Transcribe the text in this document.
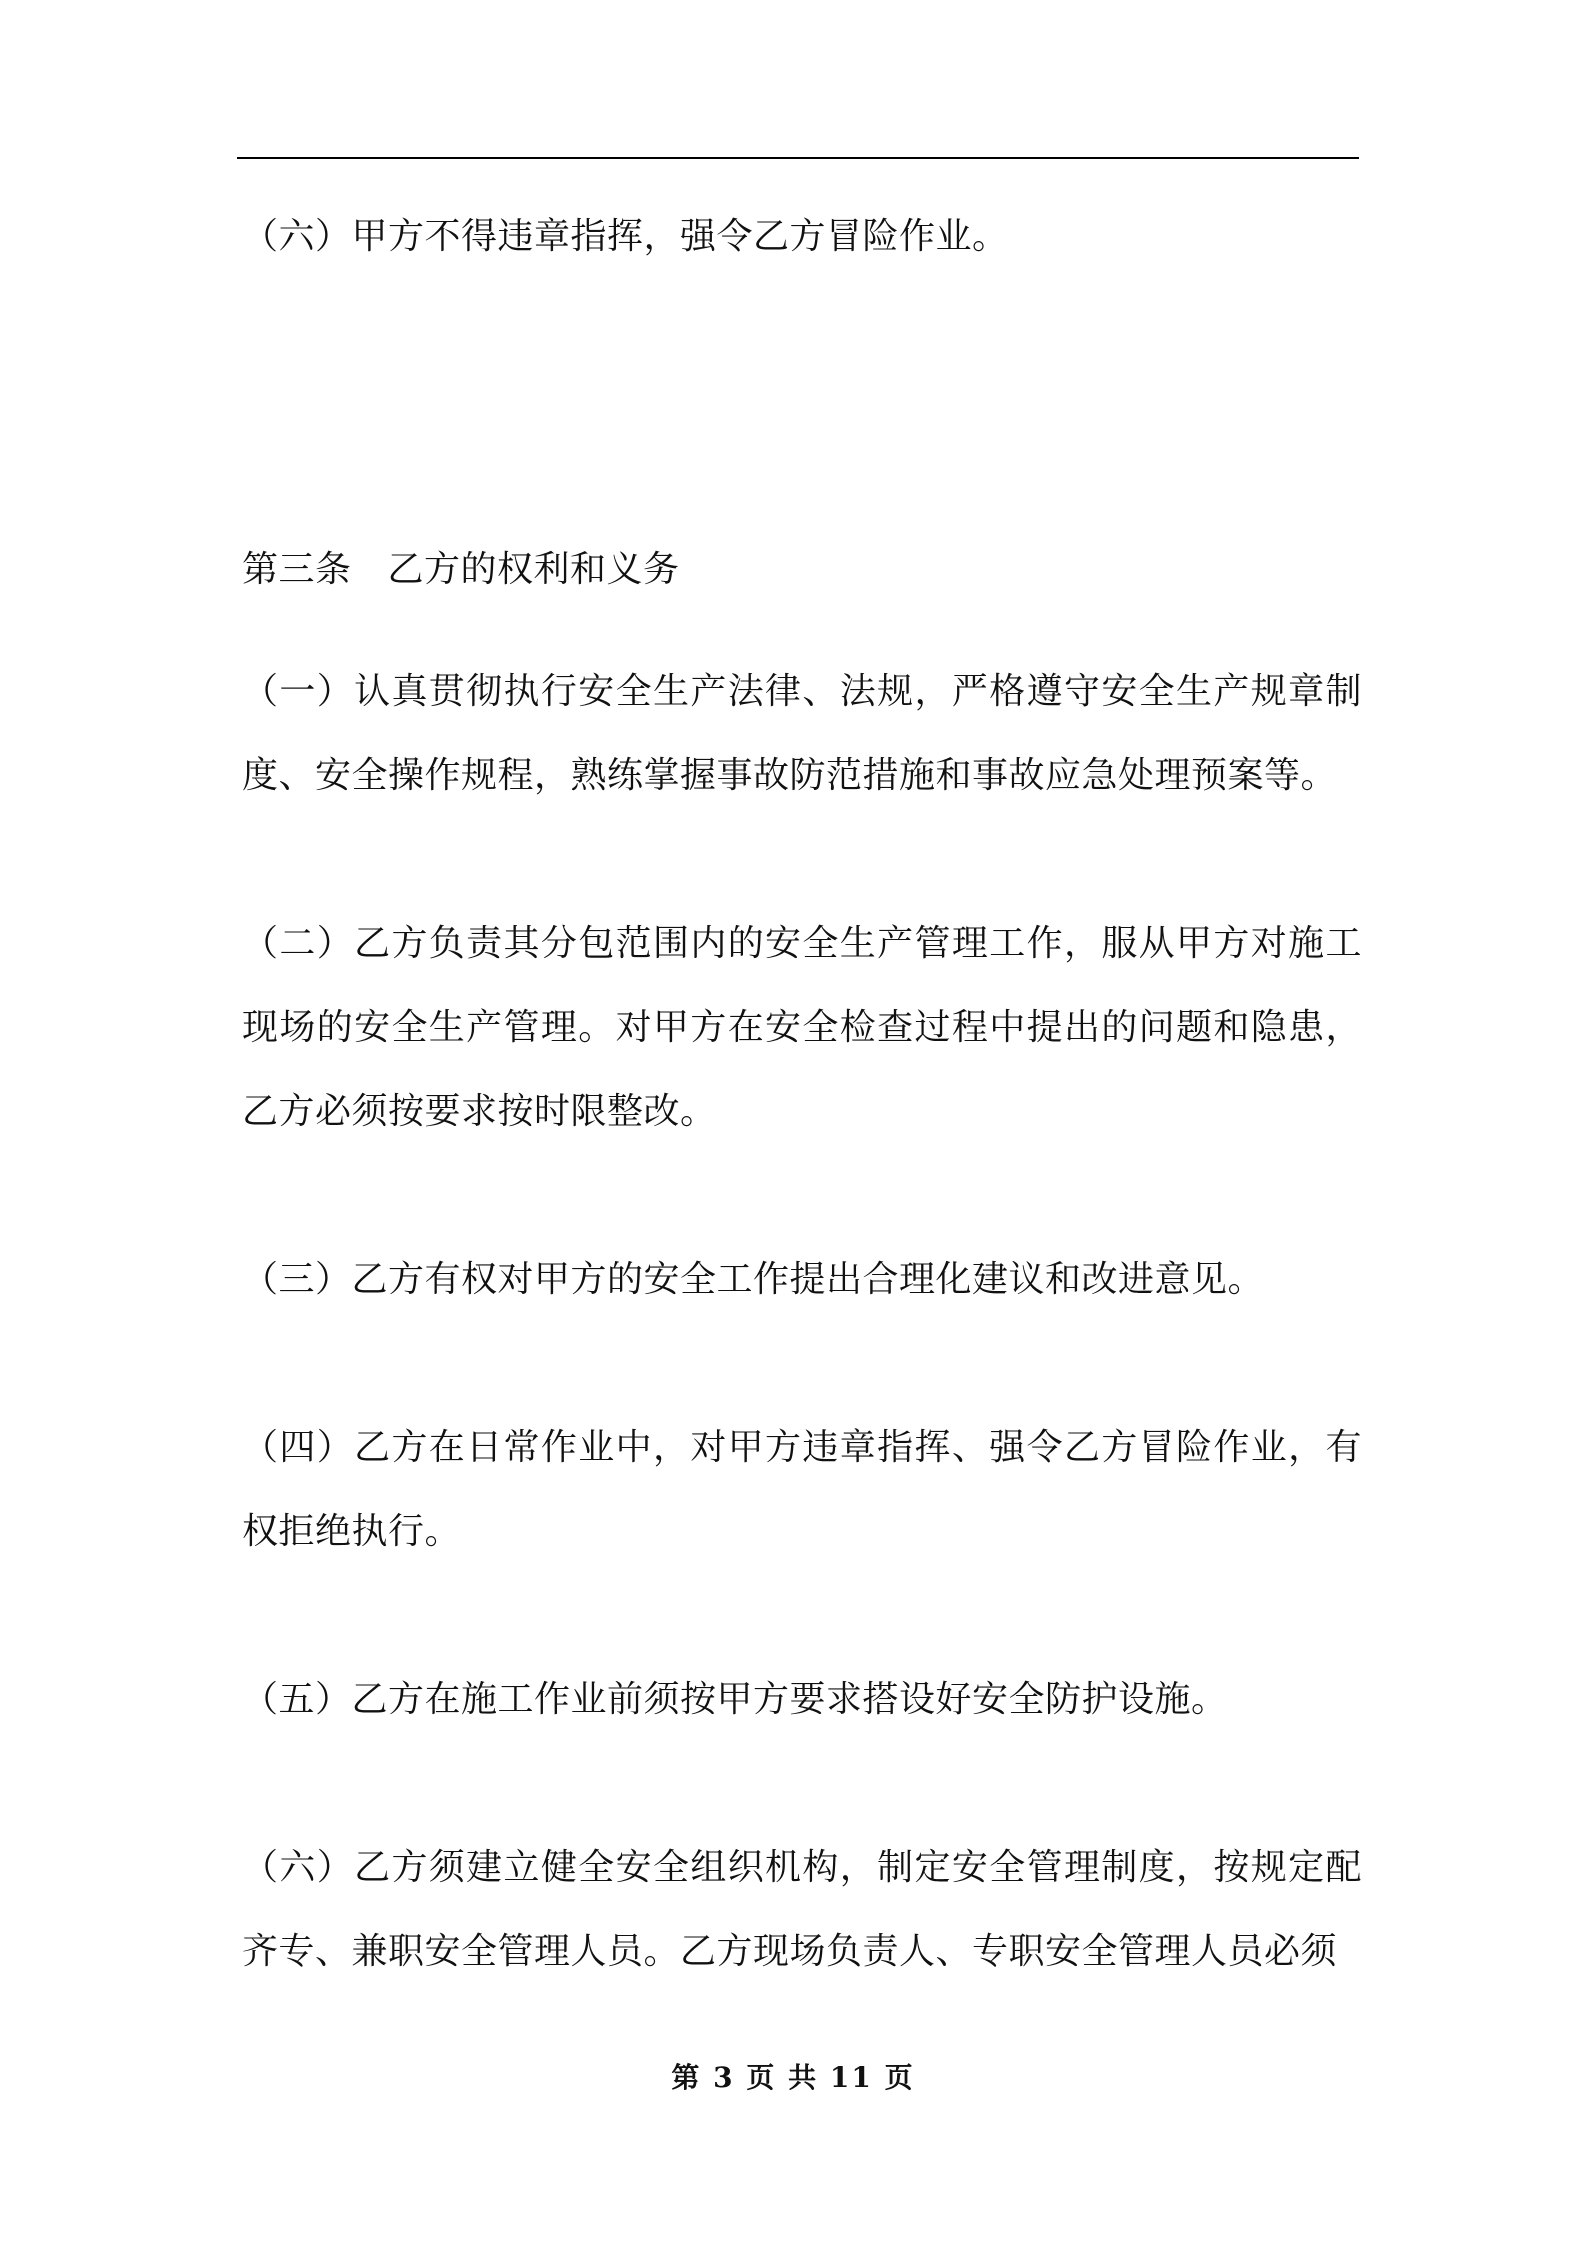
（六）甲方不得违章指挥，强令乙方冒险作业。

第三条 乙方的权利和义务

（一）认真贯彻执行安全生产法律、法规，严格遵守安全生产规章制度、安全操作规程，熟练掌握事故防范措施和事故应急处理预案等。

（二）乙方负责其分包范围内的安全生产管理工作，服从甲方对施工现场的安全生产管理。对甲方在安全检查过程中提出的问题和隐患，乙方必须按要求按时限整改。

（三）乙方有权对甲方的安全工作提出合理化建议和改进意见。

（四）乙方在日常作业中，对甲方违章指挥、强令乙方冒险作业，有权拒绝执行。

（五）乙方在施工作业前须按甲方要求搭设好安全防护设施。

（六）乙方须建立健全安全组织机构，制定安全管理制度，按规定配齐专、兼职安全管理人员。乙方现场负责人、专职安全管理人员必须

第 3 页 共 11 页
